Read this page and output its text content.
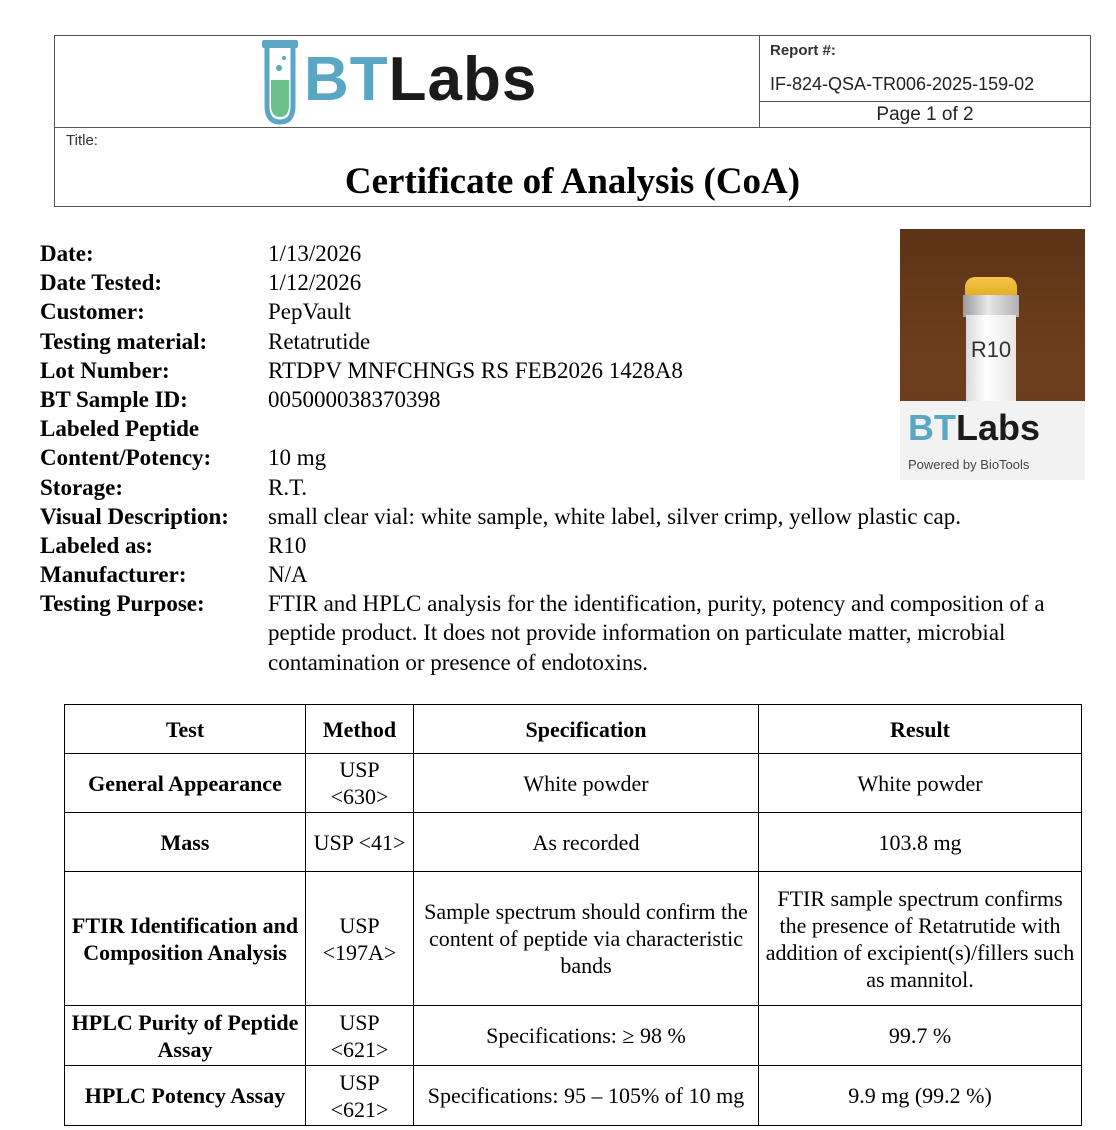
BTLabs	Report #:
IF-824-QSA-TR006-2025-159-02
Page 1 of 2
Title:
Certificate of Analysis (CoA)
Date:	1/13/2026
Date Tested:	1/12/2026
Customer:	PepVault
Testing material:	Retatrutide
Lot Number:	RTDPV MNFCHNGS RS FEB2026 1428A8
BT Sample ID:	005000038370398
Labeled Peptide
Content/Potency: 10 mg
Storage:	R.T.
Visual Description: small clear vial: white sample, white label, silver crimp, yellow plastic cap.
Labeled as:	R10
Manufacturer:	N/A
Testing Purpose:	FTIR and HPLC analysis for the identification, purity, potency and composition of a peptide product. It does not provide information on particulate matter, microbial contamination or presence of endotoxins.
R10
BTLabs
Powered by BioTools
Test	Method	Specification	Result
General Appearance	USP <630>	White powder	White powder
Mass	USP <41>	As recorded	103.8 mg
FTIR Identification and Composition Analysis	USP <197A>	Sample spectrum should confirm the content of peptide via characteristic bands	FTIR sample spectrum confirms the presence of Retatrutide with addition of excipient(s)/fillers such as mannitol.
HPLC Purity of Peptide Assay	USP <621>	Specifications: ≥ 98 %	99.7 %
HPLC Potency Assay	USP <621>	Specifications: 95 – 105% of 10 mg	9.9 mg (99.2 %)
